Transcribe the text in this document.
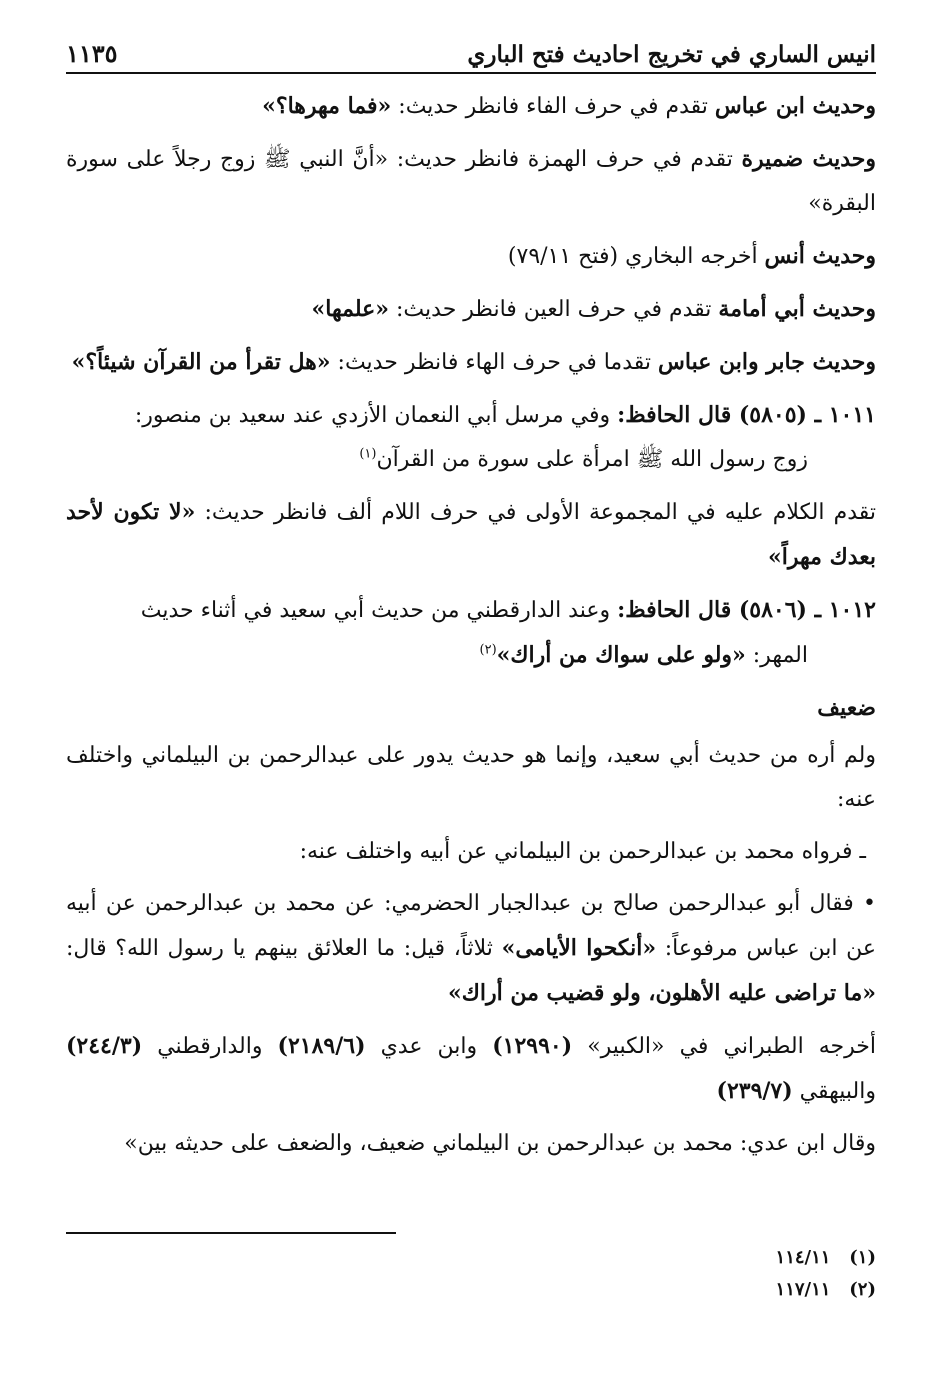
انيس الساري في تخريج احاديث فتح الباري
١١٣٥

وحديث ابن عباس تقدم في حرف الفاء فانظر حديث: «فما مهرها؟»

وحديث ضميرة تقدم في حرف الهمزة فانظر حديث: «أنَّ النبي ﷺ زوج رجلاً على سورة البقرة»

وحديث أنس أخرجه البخاري (فتح ٧٩/١١)

وحديث أبي أمامة تقدم في حرف العين فانظر حديث: «علمها»

وحديث جابر وابن عباس تقدما في حرف الهاء فانظر حديث: «هل تقرأ من القرآن شيئاً؟»

١٠١١ ـ (٥٨٠٥) قال الحافظ: وفي مرسل أبي النعمان الأزدي عند سعيد بن منصور:
زوج رسول الله ﷺ امرأة على سورة من القرآن$^{(١)}$

تقدم الكلام عليه في المجموعة الأولى في حرف اللام ألف فانظر حديث: «لا تكون لأحد بعدك مهراً»

١٠١٢ ـ (٥٨٠٦) قال الحافظ: وعند الدارقطني من حديث أبي سعيد في أثناء حديث
المهر: «ولو على سواك من أراك»$^{(٢)}$

ضعيف

ولم أره من حديث أبي سعيد، وإنما هو حديث يدور على عبدالرحمن بن البيلماني واختلف عنه:

ـ فرواه محمد بن عبدالرحمن بن البيلماني عن أبيه واختلف عنه:

• فقال أبو عبدالرحمن صالح بن عبدالجبار الحضرمي: عن محمد بن عبدالرحمن عن أبيه عن ابن عباس مرفوعاً: «أنكحوا الأيامى» ثلاثاً، قيل: ما العلائق بينهم يا رسول الله؟ قال: «ما تراضى عليه الأهلون، ولو قضيب من أراك»

أخرجه الطبراني في «الكبير» (١٢٩٩٠) وابن عدي (٢١٨٩/٦) والدارقطني (٢٤٤/٣) والبيهقي (٢٣٩/٧)

وقال ابن عدي: محمد بن عبدالرحمن بن البيلماني ضعيف، والضعف على حديثه بين»

(١)   ١١٤/١١
(٢)   ١١٧/١١
